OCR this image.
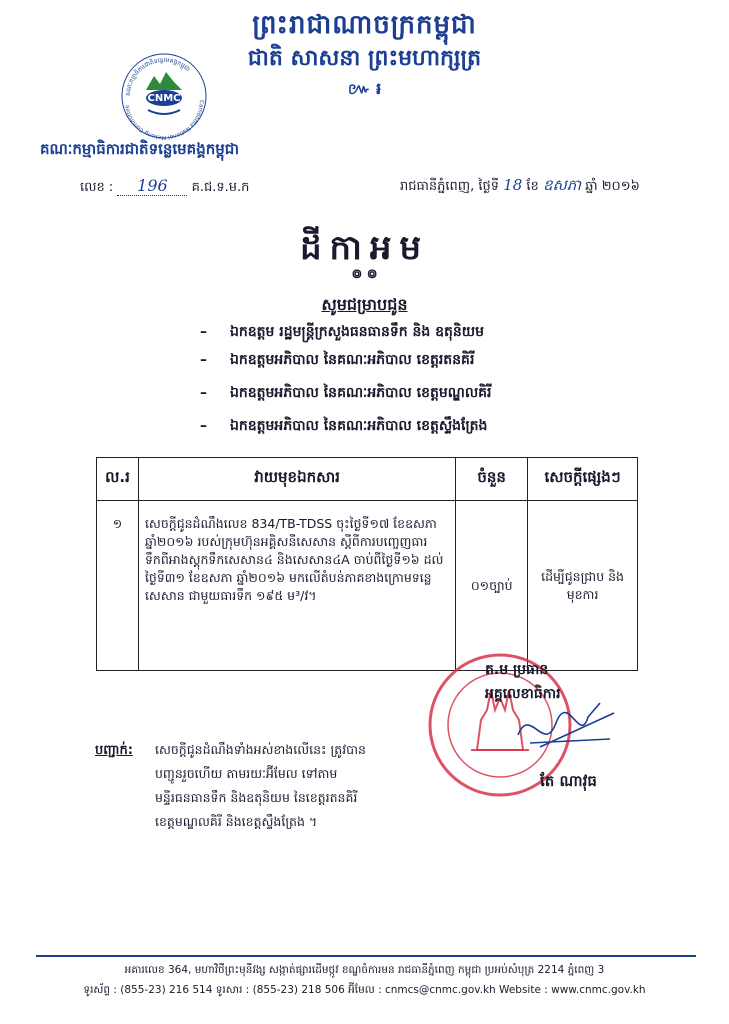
ព្រះរាជាណាចក្រកម្ពុជា
ជាតិ សាសនា ព្រះមហាក្សត្រ
៚ ៛
គណៈកម្មាធិការជាតិទន្លេមេគង្គកម្ពុជា
Cambodia National Mekong Committee
CNMC
គណៈកម្មាធិការជាតិទន្លេមេគង្គកម្ពុជា
លេខ : 196 គ.ជ.ទ.ម.ក	រាជធានីភ្នំពេញ, ថ្ងៃទី 18 ខែ ឧសភា ឆ្នាំ ២០១៦
ដីកាអម
៙ ៙
សូមជម្រាបជូន
– ឯកឧត្តម រដ្ឋមន្ត្រីក្រសួងធនធានទឹក និង ឧតុនិយម
– ឯកឧត្តមអភិបាល នៃគណៈអភិបាល ខេត្តរតនគិរី
– ឯកឧត្តមអភិបាល នៃគណៈអភិបាល ខេត្តមណ្ឌលគិរី
– ឯកឧត្តមអភិបាល នៃគណៈអភិបាល ខេត្តស្ទឹងត្រែង
ល.រ	វាយមុខឯកសារ	ចំនួន	សេចក្តីផ្សេងៗ
១	សេចក្តីជូនដំណឹងលេខ 834/TB-TDSS ចុះថ្ងៃទី១៧ ខែឧសភា ឆ្នាំ២០១៦ របស់ក្រុមហ៊ុនអគ្គិសនីសេសាន ស្តីពីការបញ្ចេញធារទឹកពីអាងស្តុកទឹកសេសាន៤ និងសេសាន៤A ចាប់ពីថ្ងៃទី១៦ ដល់ ថ្ងៃទី៣១ ខែឧសភា ឆ្នាំ២០១៦ មកលើតំបន់ភាគខាងក្រោមទន្លេសេសាន ជាមួយធារទឹក ១៩៥ ម³/វ។	០១ច្បាប់	ដើម្បីជូនជ្រាប និងមុខការ
ត.ម ប្រធាន
អគ្គលេខាធិការ
តែ ណាវុធ
បញ្ជាក់: សេចក្តីជូនដំណឹងទាំងអស់ខាងលើនេះ ត្រូវបាន
បញ្ជូនរួចហើយ តាមរយៈអ៊ីមែល ទៅតាម
មន្ទីរធនធានទឹក និងឧតុនិយម នៃខេត្តរតនគិរី
ខេត្តមណ្ឌលគិរី និងខេត្តស្ទឹងត្រែង ។
អគារលេខ 364, មហាវិថីព្រះមុនីវង្ស សង្កាត់ផ្សារដើមថ្កូវ ខណ្ឌចំការមន រាជធានីភ្នំពេញ កម្ពុជា ប្រអប់សំបុត្រ 2214 ភ្នំពេញ 3
ទូរស័ព្ទ : (855-23) 216 514 ទូរសារ : (855-23) 218 506 អ៊ីមែល : cnmcs@cnmc.gov.kh Website : www.cnmc.gov.kh
